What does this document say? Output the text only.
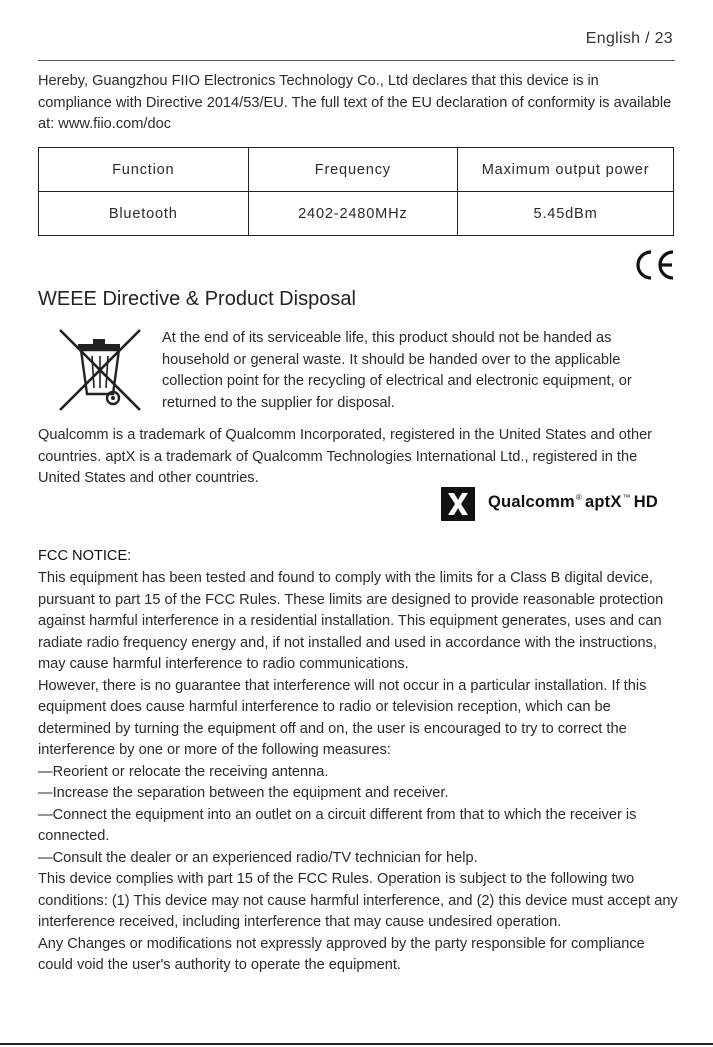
English / 23
Hereby, Guangzhou FIIO Electronics Technology Co., Ltd declares that this device is in compliance with Directive 2014/53/EU. The full text of the EU declaration of conformity is available at: www.fiio.com/doc
Function	Frequency	Maximum output power
Bluetooth	2402-2480MHz	5.45dBm
WEEE Directive & Product Disposal
At the end of its serviceable life, this product should not be handed as household or general waste. It should be handed over to the applicable collection point for the recycling of electrical and electronic equipment, or returned to the supplier for disposal.
Qualcomm is a trademark of Qualcomm Incorporated, registered in the United States and other countries. aptX is a trademark of Qualcomm Technologies International Ltd., registered in the United States and other countries.
Qualcomm® aptX™ HD
FCC NOTICE:

This equipment has been tested and found to comply with the limits for a Class B digital device, pursuant to part 15 of the FCC Rules. These limits are designed to provide reasonable protection against harmful interference in a residential installation. This equipment generates, uses and can radiate radio frequency energy and, if not installed and used in accordance with the instructions, may cause harmful interference to radio communications.

However, there is no guarantee that interference will not occur in a particular installation. If this equipment does cause harmful interference to radio or television reception, which can be determined by turning the equipment off and on, the user is encouraged to try to correct the interference by one or more of the following measures:

—Reorient or relocate the receiving antenna.

—Increase the separation between the equipment and receiver.

—Connect the equipment into an outlet on a circuit different from that to which the receiver is connected.

—Consult the dealer or an experienced radio/TV technician for help.

This device complies with part 15 of the FCC Rules. Operation is subject to the following two conditions: (1) This device may not cause harmful interference, and (2) this device must accept any interference received, including interference that may cause undesired operation.

Any Changes or modifications not expressly approved by the party responsible for compliance could void the user's authority to operate the equipment.
